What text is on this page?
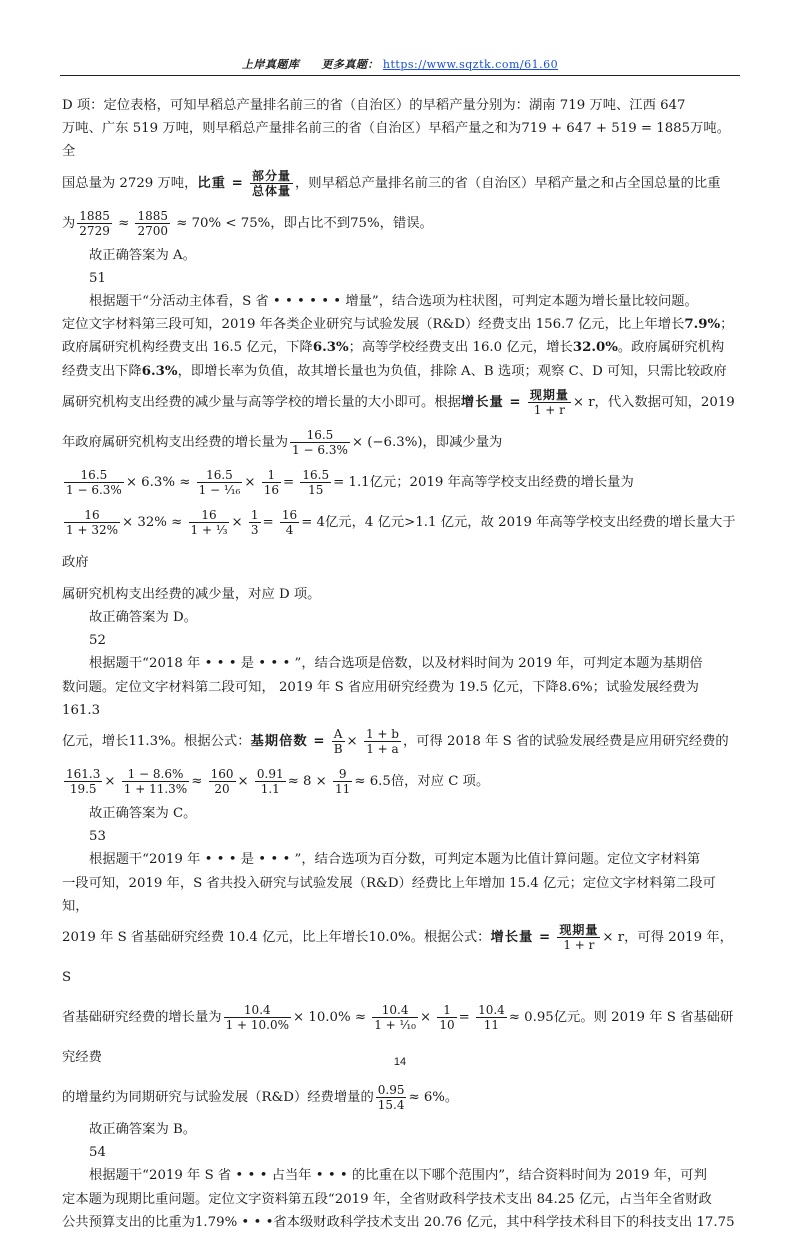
上岸真题库 更多真题： https://www.sqztk.com/61.60

D 项：定位表格，可知早稻总产量排名前三的省（自治区）的早稻产量分别为：湖南 719 万吨、江西 647

万吨、广东 519 万吨，则早稻总产量排名前三的省（自治区）早稻产量之和为719 + 647 + 519 = 1885万吨。全

国总量为 2729 万吨，比重 = $\frac{\text{部分量}}{\text{总体量}}$ ，则早稻总产量排名前三的省（自治区）早稻产量之和占全国总量的比重

为 $\frac{1885}{2729} \approx \frac{1885}{2700} \approx 70\% < 75\%$，即占比不到75%，错误。

故正确答案为 A。

51

根据题干“分活动主体看，S 省 • • • • • • 增量”，结合选项为柱状图，可判定本题为增长量比较问题。

定位文字材料第三段可知，2019 年各类企业研究与试验发展（R&D）经费支出 156.7 亿元，比上年增长7.9%；

政府属研究机构经费支出 16.5 亿元，下降6.3%；高等学校经费支出 16.0 亿元，增长32.0%。政府属研究机构

经费支出下降6.3%，即增长率为负值，故其增长量也为负值，排除 A、B 选项；观察 C、D 可知，只需比较政府

属研究机构支出经费的减少量与高等学校的增长量的大小即可。根据增长量 = $\frac{\text{现期量}}{1 + r} \times r$，代入数据可知，2019

年政府属研究机构支出经费的增长量为 $\frac{16.5}{1 - 6.3\%} \times (-6.3\%)$，即减少量为

$\frac{16.5}{1 - 6.3\%} \times 6.3\% \approx \frac{16.5}{\text{1 − ¹⁄₁₆}} \times \frac{1}{16} = \frac{16.5}{15} = 1.1$亿元；2019 年高等学校支出经费的增长量为

$\frac{16}{1 + 32\%} \times 32\% \approx \frac{16}{\text{1 + ⅓}} \times \frac{1}{3} = \frac{16}{4} = 4$亿元，4 亿元>1.1 亿元，故 2019 年高等学校支出经费的增长量大于政府

属研究机构支出经费的减少量，对应 D 项。

故正确答案为 D。

52

根据题干“2018 年 • • • 是 • • • ”，结合选项是倍数，以及材料时间为 2019 年，可判定本题为基期倍

数问题。定位文字材料第二段可知， 2019 年 S 省应用研究经费为 19.5 亿元，下降8.6%；试验发展经费为 161.3

亿元，增长11.3%。根据公式：基期倍数 = $\frac{A}{B} \times \frac{1 + b}{1 + a}$ ，可得 2018 年 S 省的试验发展经费是应用研究经费的

$\frac{161.3}{19.5} \times \frac{1 - 8.6\%}{1 + 11.3\%} \approx \frac{160}{20} \times \frac{0.91}{1.1} \approx 8 \times \frac{9}{11} \approx 6.5$倍，对应 C 项。

故正确答案为 C。

53

根据题干“2019 年 • • • 是 • • • ”，结合选项为百分数，可判定本题为比值计算问题。定位文字材料第

一段可知，2019 年，S 省共投入研究与试验发展（R&D）经费比上年增加 15.4 亿元；定位文字材料第二段可知，

2019 年 S 省基础研究经费 10.4 亿元，比上年增长10.0%。根据公式：增长量 = $\frac{\text{现期量}}{1 + r} \times r$，可得 2019 年，S

省基础研究经费的增长量为 $\frac{10.4}{1 + 10.0\%} \times 10.0\% \approx \frac{10.4}{\text{1 + ¹⁄₁₀}} \times \frac{1}{10} = \frac{10.4}{11} \approx 0.95$亿元。则 2019 年 S 省基础研究经费

的增量约为同期研究与试验发展（R&D）经费增量的 $\frac{0.95}{15.4} \approx 6\%$。

故正确答案为 B。

54

根据题干“2019 年 S 省 • • • 占当年 • • • 的比重在以下哪个范围内”，结合资料时间为 2019 年，可判

定本题为现期比重问题。定位文字资料第五段“2019 年，全省财政科学技术支出 84.25 亿元，占当年全省财政

公共预算支出的比重为1.79% • • •省本级财政科学技术支出 20.76 亿元，其中科学技术科目下的科技支出 17.75

14
